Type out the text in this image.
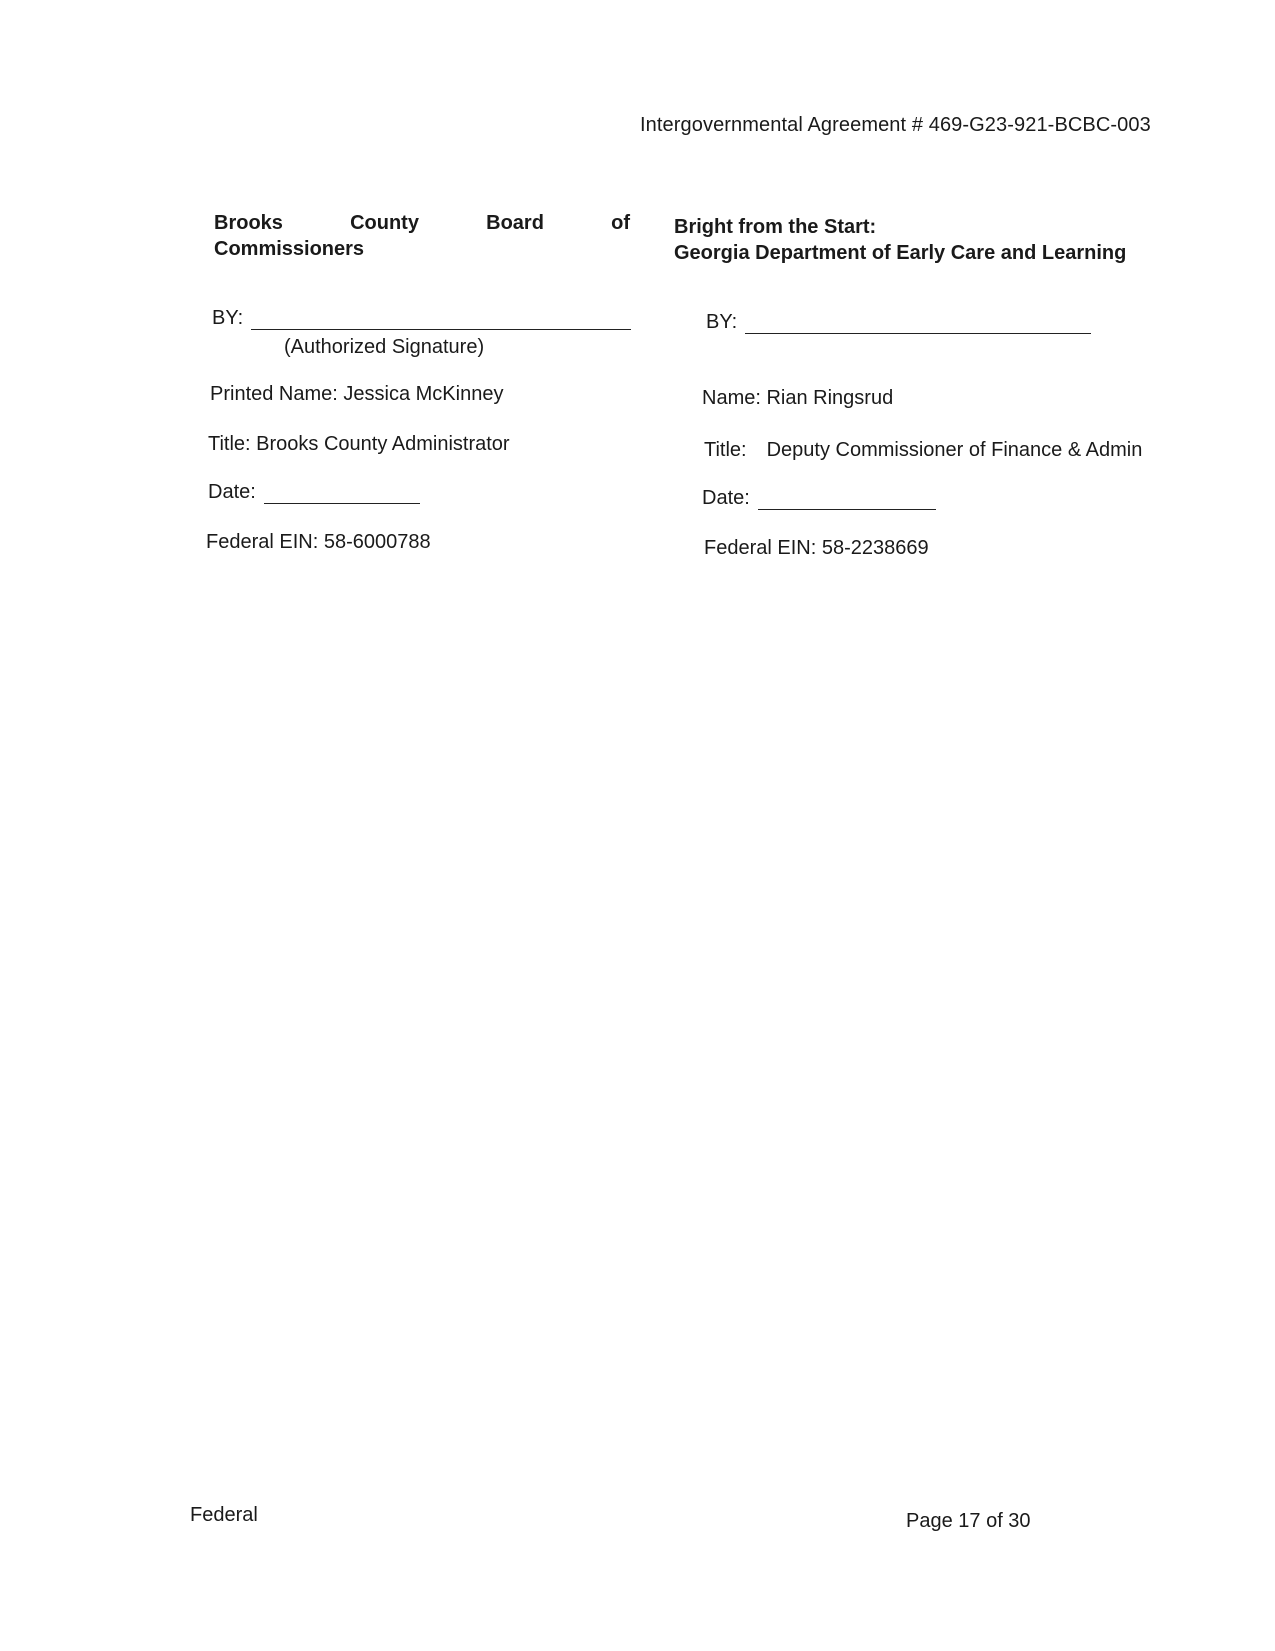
Intergovernmental Agreement # 469-G23-921-BCBC-003
Brooks	County	Board	of
Commissioners
BY:
(Authorized Signature)
Printed Name: Jessica McKinney
Title: Brooks County Administrator
Date:
Federal EIN: 58-6000788
Bright from the Start:
Georgia Department of Early Care and Learning
BY:
Name: Rian Ringsrud
Title: Deputy Commissioner of Finance & Admin
Date:
Federal EIN: 58-2238669
Federal	Page 17 of 30
